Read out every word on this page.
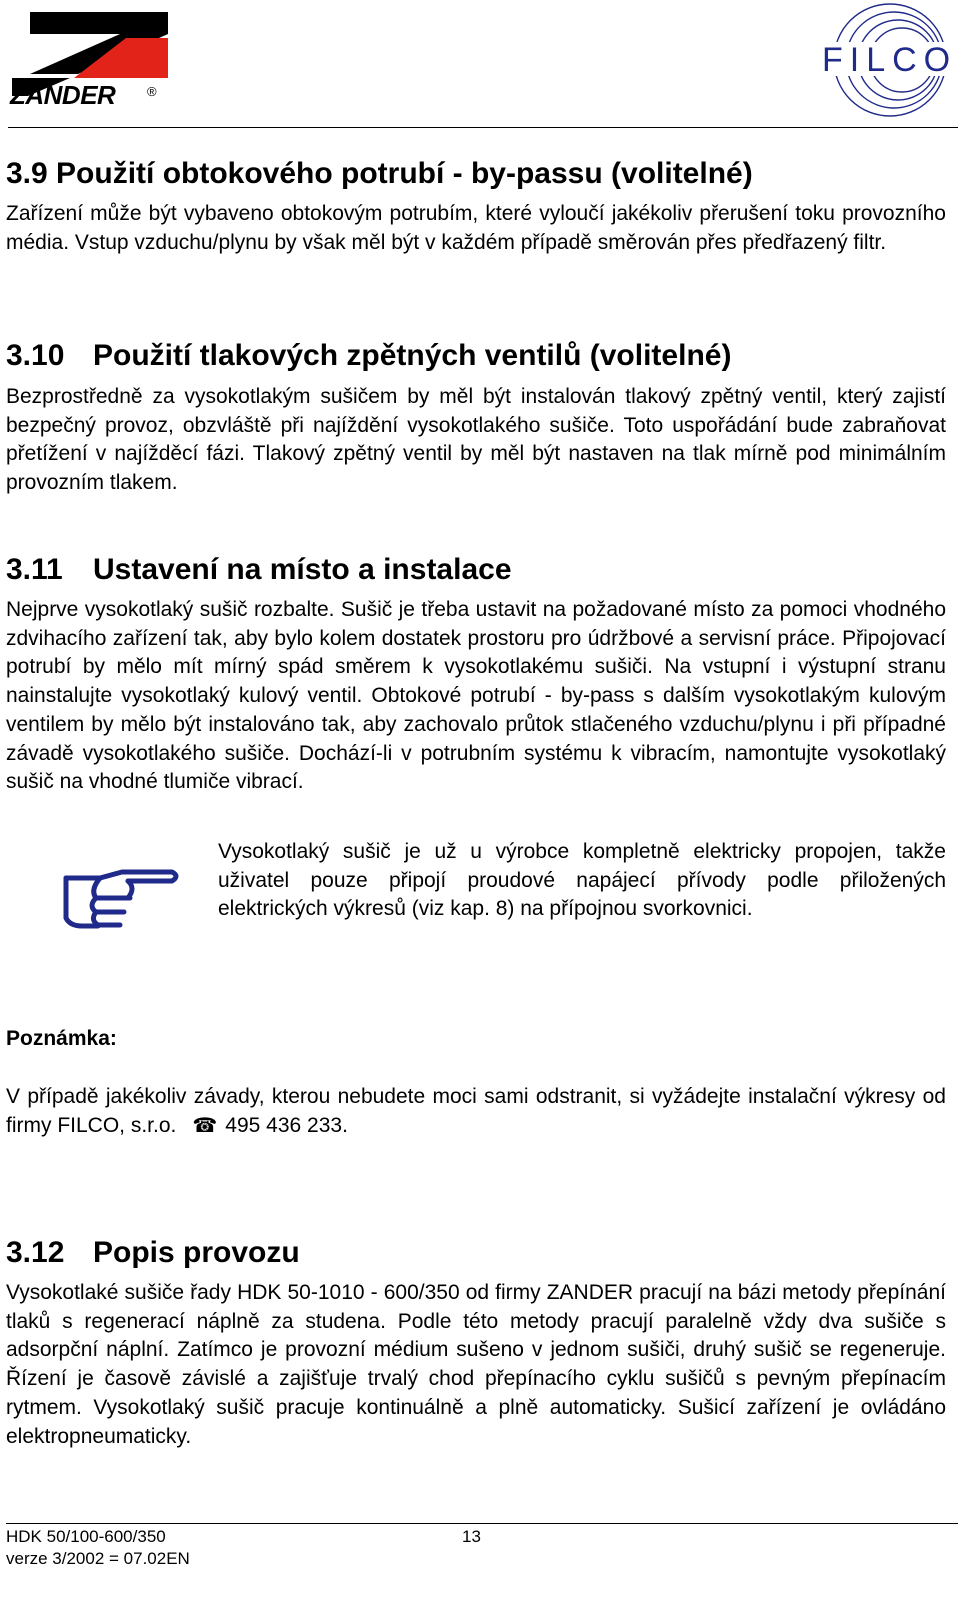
ZANDER ®
FILCO
3.9 Použití obtokového potrubí - by-passu (volitelné)

Zařízení může být vybaveno obtokovým potrubím, které vyloučí jakékoliv přerušení toku provozního média. Vstup vzduchu/plynu by však měl být v každém případě směrován přes předřazený filtr.

3.10 Použití tlakových zpětných ventilů (volitelné)

Bezprostředně za vysokotlakým sušičem by měl být instalován tlakový zpětný ventil, který zajistí bezpečný provoz, obzvláště při najíždění vysokotlakého sušiče. Toto uspořádání bude zabraňovat přetížení v najížděcí fázi. Tlakový zpětný ventil by měl být nastaven na tlak mírně pod minimálním provozním tlakem.

3.11 Ustavení na místo a instalace

Nejprve vysokotlaký sušič rozbalte. Sušič je třeba ustavit na požadované místo za pomoci vhodného zdvihacího zařízení tak, aby bylo kolem dostatek prostoru pro údržbové a servisní práce. Připojovací potrubí by mělo mít mírný spád směrem k vysokotlakému sušiči. Na vstupní i výstupní stranu nainstalujte vysokotlaký kulový ventil. Obtokové potrubí - by-pass s dalším vysokotlakým kulovým ventilem by mělo být instalováno tak, aby zachovalo průtok stlačeného vzduchu/plynu i při případné závadě vysokotlakého sušiče. Dochází-li v potrubním systému k vibracím, namontujte vysokotlaký sušič na vhodné tlumiče vibrací.

Vysokotlaký sušič je už u výrobce kompletně elektricky propojen, takže uživatel pouze připojí proudové napájecí přívody podle přiložených elektrických výkresů (viz kap. 8) na přípojnou svorkovnici.

Poznámka:

V případě jakékoliv závady, kterou nebudete moci sami odstranit, si vyžádejte instalační výkresy od firmy FILCO, s.r.o. ☎ 495 436 233.

3.12 Popis provozu

Vysokotlaké sušiče řady HDK 50-1010 - 600/350 od firmy ZANDER pracují na bázi metody přepínání tlaků s regenerací náplně za studena. Podle této metody pracují paralelně vždy dva sušiče s adsorpční náplní. Zatímco je provozní médium sušeno v jednom sušiči, druhý sušič se regeneruje. Řízení je časově závislé a zajišťuje trvalý chod přepínacího cyklu sušičů s pevným přepínacím rytmem. Vysokotlaký sušič pracuje kontinuálně a plně automaticky. Sušicí zařízení je ovládáno elektropneumaticky.

HDK 50/100-600/350	13

verze 3/2002 = 07.02EN
